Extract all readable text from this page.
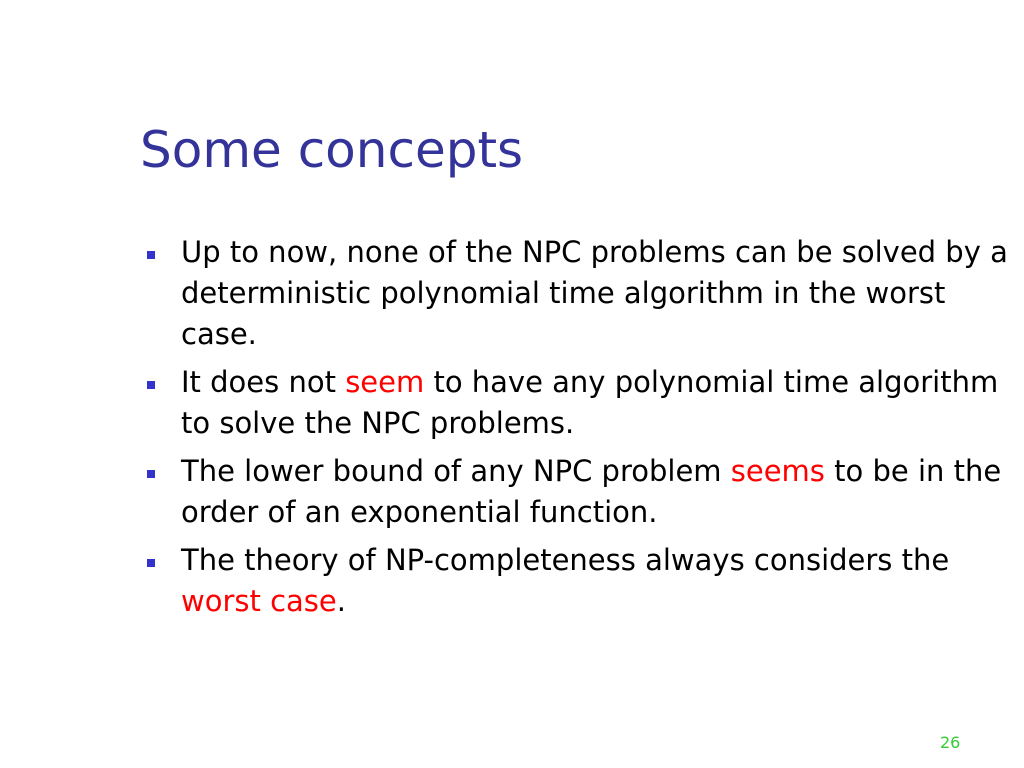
Some concepts
Up to now, none of the NPC problems can be solved by a deterministic polynomial time algorithm in the worst case.
It does not seem to have any polynomial time algorithm to solve the NPC problems.
The lower bound of any NPC problem seems to be in the order of an exponential function.
The theory of NP-completeness always considers the worst case.
26
